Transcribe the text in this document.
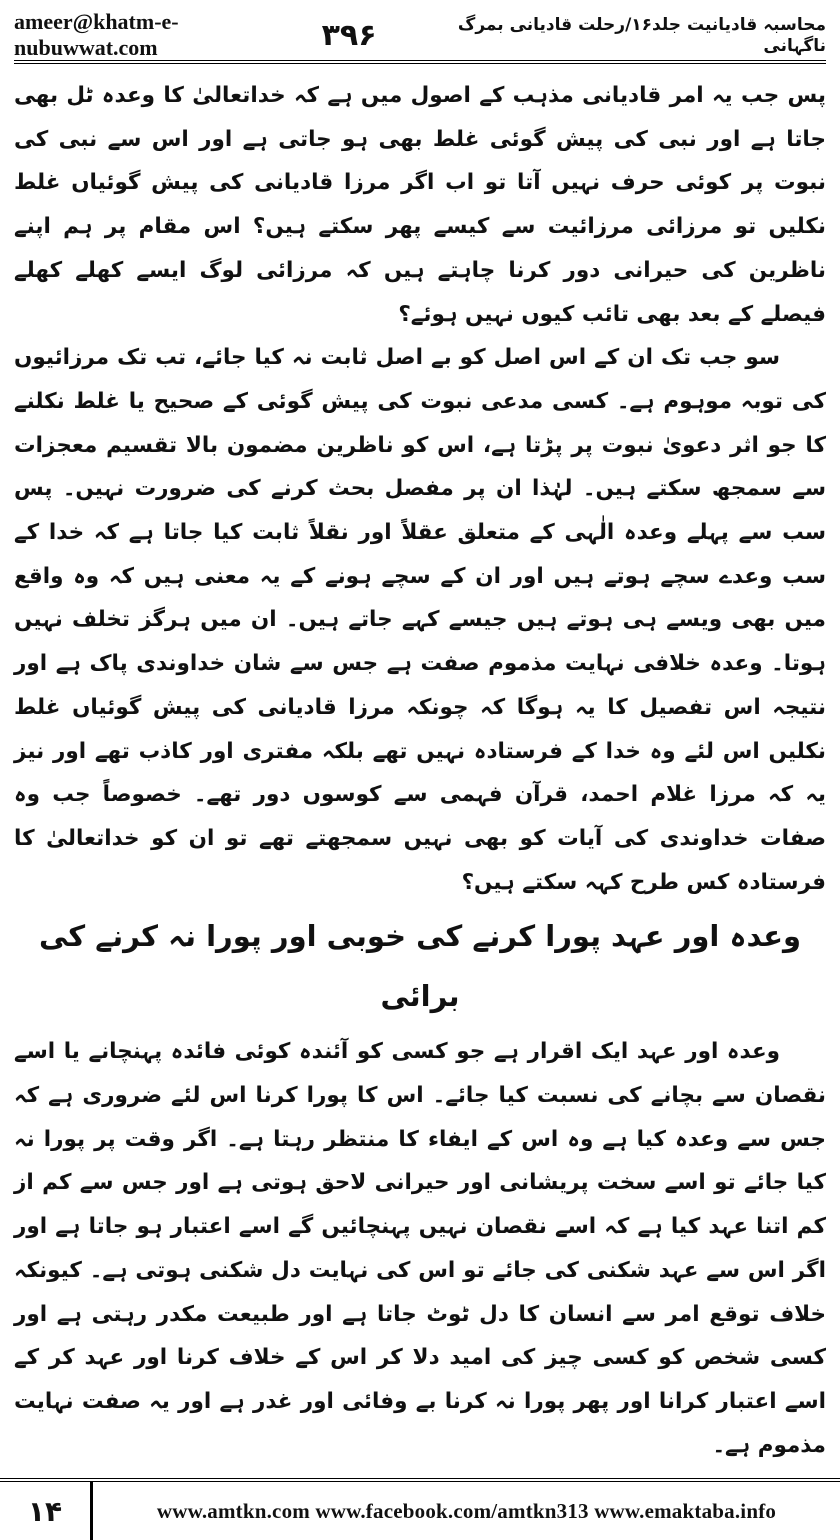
ameer@khatm-e-nubuwwat.com
محاسبہ قادیانیت جلد۱۶/رحلت قادیانی بمرگ ناگہانی
۳۹۶

پس جب یہ امر قادیانی مذہب کے اصول میں ہے کہ خداتعالیٰ کا وعدہ ٹل بھی جاتا ہے اور نبی کی پیش گوئی غلط بھی ہو جاتی ہے اور اس سے نبی کی نبوت پر کوئی حرف نہیں آتا تو اب اگر مرزا قادیانی کی پیش گوئیاں غلط نکلیں تو مرزائی مرزائیت سے کیسے پھر سکتے ہیں؟ اس مقام پر ہم اپنے ناظرین کی حیرانی دور کرنا چاہتے ہیں کہ مرزائی لوگ ایسے کھلے کھلے فیصلے کے بعد بھی تائب کیوں نہیں ہوئے؟

سو جب تک ان کے اس اصل کو بے اصل ثابت نہ کیا جائے، تب تک مرزائیوں کی توبہ موہوم ہے۔ کسی مدعی نبوت کی پیش گوئی کے صحیح یا غلط نکلنے کا جو اثر دعویٰ نبوت پر پڑتا ہے، اس کو ناظرین مضمون بالا تقسیم معجزات سے سمجھ سکتے ہیں۔ لہٰذا ان پر مفصل بحث کرنے کی ضرورت نہیں۔ پس سب سے پہلے وعدہ الٰہی کے متعلق عقلاً اور نقلاً ثابت کیا جاتا ہے کہ خدا کے سب وعدے سچے ہوتے ہیں اور ان کے سچے ہونے کے یہ معنی ہیں کہ وہ واقع میں بھی ویسے ہی ہوتے ہیں جیسے کہے جاتے ہیں۔ ان میں ہرگز تخلف نہیں ہوتا۔ وعدہ خلافی نہایت مذموم صفت ہے جس سے شان خداوندی پاک ہے اور نتیجہ اس تفصیل کا یہ ہوگا کہ چونکہ مرزا قادیانی کی پیش گوئیاں غلط نکلیں اس لئے وہ خدا کے فرستادہ نہیں تھے بلکہ مفتری اور کاذب تھے اور نیز یہ کہ مرزا غلام احمد، قرآن فہمی سے کوسوں دور تھے۔ خصوصاً جب وہ صفات خداوندی کی آیات کو بھی نہیں سمجھتے تھے تو ان کو خداتعالیٰ کا فرستادہ کس طرح کہہ سکتے ہیں؟

وعدہ اور عہد پورا کرنے کی خوبی اور پورا نہ کرنے کی برائی

وعدہ اور عہد ایک اقرار ہے جو کسی کو آئندہ کوئی فائدہ پہنچانے یا اسے نقصان سے بچانے کی نسبت کیا جائے۔ اس کا پورا کرنا اس لئے ضروری ہے کہ جس سے وعدہ کیا ہے وہ اس کے ایفاء کا منتظر رہتا ہے۔ اگر وقت پر پورا نہ کیا جائے تو اسے سخت پریشانی اور حیرانی لاحق ہوتی ہے اور جس سے کم از کم اتنا عہد کیا ہے کہ اسے نقصان نہیں پہنچائیں گے اسے اعتبار ہو جاتا ہے اور اگر اس سے عہد شکنی کی جائے تو اس کی نہایت دل شکنی ہوتی ہے۔ کیونکہ خلاف توقع امر سے انسان کا دل ٹوٹ جاتا ہے اور طبیعت مکدر رہتی ہے اور کسی شخص کو کسی چیز کی امید دلا کر اس کے خلاف کرنا اور عہد کر کے اسے اعتبار کرانا اور پھر پورا نہ کرنا بے وفائی اور غدر ہے اور یہ صفت نہایت مذموم ہے۔

۱۴	www.amtkn.com www.facebook.com/amtkn313 www.emaktaba.info
